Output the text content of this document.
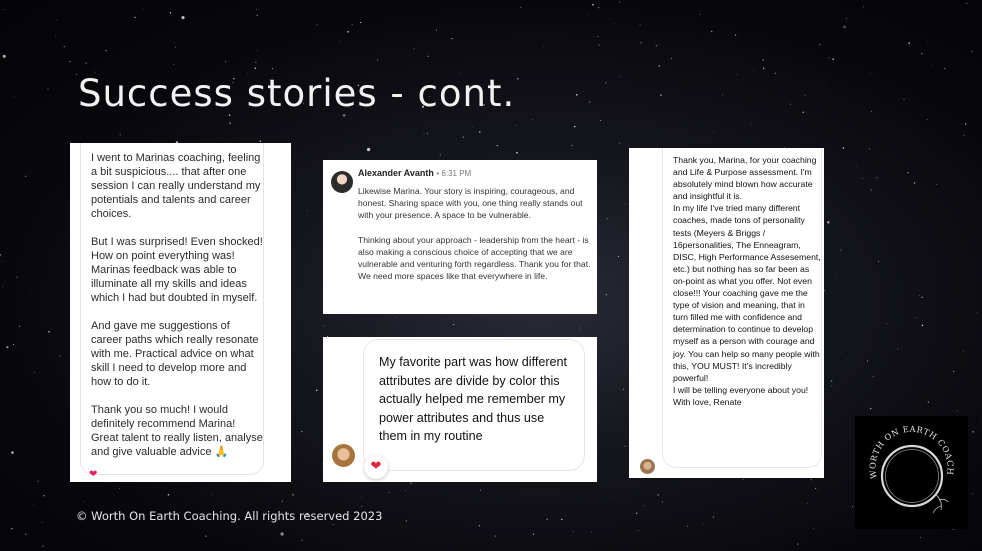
Success stories - cont.

I went to Marinas coaching, feeling a bit suspicious.... that after one session I can really understand my potentials and talents and career choices.

But I was surprised! Even shocked! How on point everything was! Marinas feedback was able to illuminate all my skills and ideas which I had but doubted in myself.

And gave me suggestions of career paths which really resonate with me. Practical advice on what skill I need to develop more and how to do it.

Thank you so much! I would definitely recommend Marina! Great talent to really listen, analyse and give valuable advice 🙏

❤
Alexander Avanth • 6:31 PM

Likewise Marina. Your story is inspiring, courageous, and honest. Sharing space with you, one thing really stands out with your presence. A space to be vulnerable.

Thinking about your approach - leadership from the heart - is also making a conscious choice of accepting that we are vulnerable and venturing forth regardless. Thank you for that. We need more spaces like that everywhere in life.

My favorite part was how different attributes are divide by color this actually helped me remember my power attributes and thus use them in my routine
❤
Thank you, Marina, for your coaching and Life & Purpose assessment. I'm absolutely mind blown how accurate and insightful it is.
In my life I've tried many different coaches, made tons of personality tests (Meyers & Briggs / 16personalities, The Enneagram, DISC, High Performance Assesement, etc.) but nothing has so far been as on-point as what you offer. Not even close!!! Your coaching gave me the type of vision and meaning, that in turn filled me with confidence and determination to continue to develop myself as a person with courage and joy. You can help so many people with this, YOU MUST! It's incredibly powerful!
I will be telling everyone about you!
With love, Renate

© Worth On Earth Coaching. All rights reserved 2023

WORTH ON EARTH COACH
